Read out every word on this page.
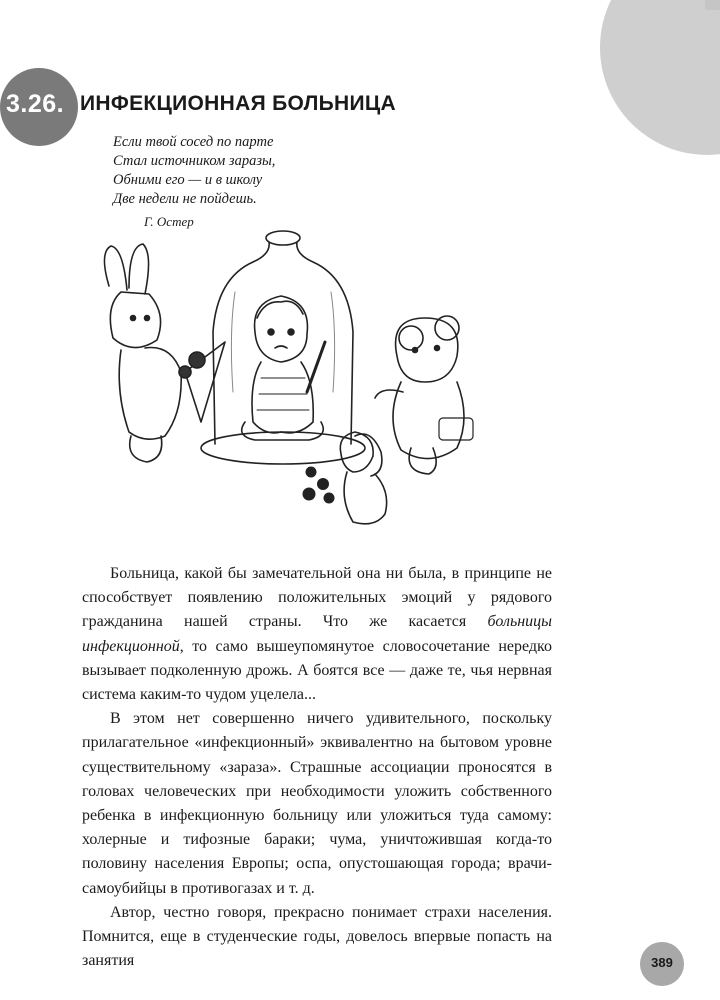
3.26. ИНФЕКЦИОННАЯ БОЛЬНИЦА
Если твой сосед по парте
Стал источником заразы,
Обними его — и в школу
Две недели не пойдешь.
Г. Остер

Больница, какой бы замечательной она ни была, в принципе не способствует появлению положительных эмоций у рядового гражданина нашей страны. Что же касается больницы инфекционной, то само вышеупомянутое словосочетание нередко вызывает подколенную дрожь. А боятся все — даже те, чья нервная система каким-то чудом уцелела...

В этом нет совершенно ничего удивительного, поскольку прилагательное «инфекционный» эквивалентно на бытовом уровне существительному «зараза». Страшные ассоциации проносятся в головах человеческих при необходимости уложить собственного ребенка в инфекционную больницу или уложиться туда самому: холерные и тифозные бараки; чума, уничтожившая когда-то половину населения Европы; оспа, опустошающая города; врачи-самоубийцы в противогазах и т. д.

Автор, честно говоря, прекрасно понимает страхи населения. Помнится, еще в студенческие годы, довелось впервые попасть на занятия	389
